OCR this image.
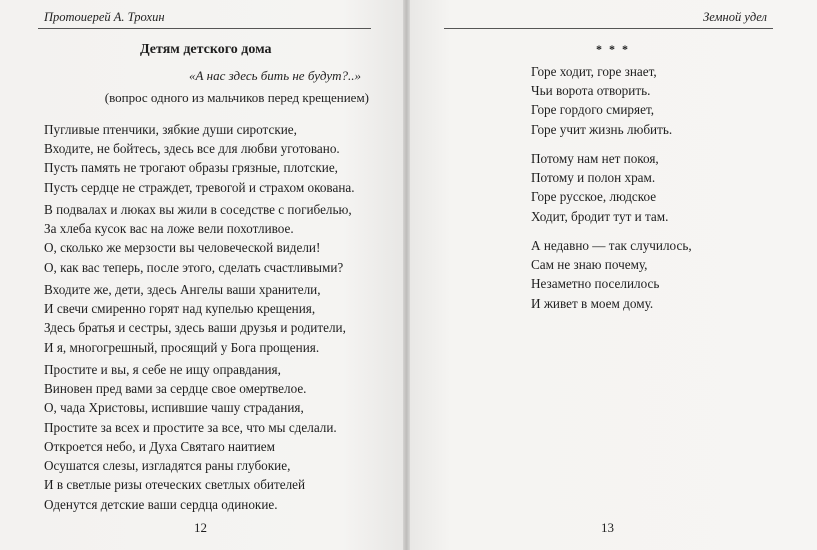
Протоиерей А. Трохин
Детям детского дома
«А нас здесь бить не будут?..»
(вопрос одного из мальчиков перед крещением)
Пугливые птенчики, зябкие души сиротские,
Входите, не бойтесь, здесь все для любви уготовано.
Пусть память не трогают образы грязные, плотские,
Пусть сердце не страждет, тревогой и страхом окована.
В подвалах и люках вы жили в соседстве с погибелью,
За хлеба кусок вас на ложе вели похотливое.
О, сколько же мерзости вы человеческой видели!
О, как вас теперь, после этого, сделать счастливыми?
Входите же, дети, здесь Ангелы ваши хранители,
И свечи смиренно горят над купелью крещения,
Здесь братья и сестры, здесь ваши друзья и родители,
И я, многогрешный, просящий у Бога прощения.
Простите и вы, я себе не ищу оправдания,
Виновен пред вами за сердце свое омертвелое.
О, чада Христовы, испившие чашу страдания,
Простите за всех и простите за все, что мы сделали.
Откроется небо, и Духа Святаго наитием
Осушатся слезы, изгладятся раны глубокие,
И в светлые ризы отеческих светлых обителей
Оденутся детские ваши сердца одинокие.
12
Земной удел
* * *
Горе ходит, горе знает,
Чьи ворота отворить.
Горе гордого смиряет,
Горе учит жизнь любить.
Потому нам нет покоя,
Потому и полон храм.
Горе русское, людское
Ходит, бродит тут и там.
А недавно — так случилось,
Сам не знаю почему,
Незаметно поселилось
И живет в моем дому.
13
